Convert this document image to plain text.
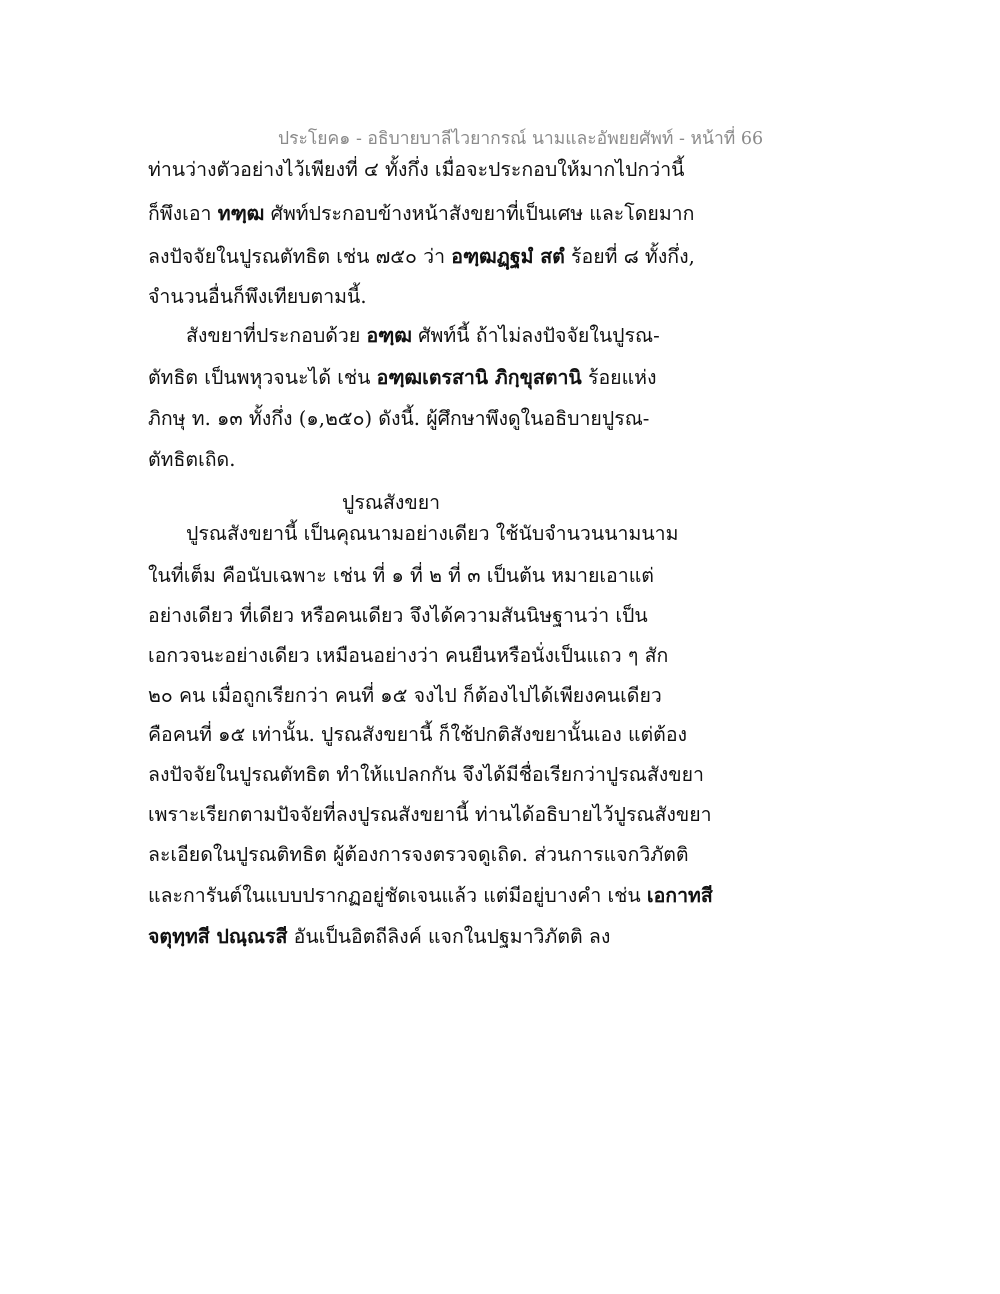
ประโยค๑ - อธิบายบาลีไวยากรณ์ นามและอัพยยศัพท์ - หน้าที่ 66
ท่านว่างตัวอย่างไว้เพียงที่ ๔ ทั้งกึ่ง เมื่อจะประกอบให้มากไปกว่านี้
ก็พึงเอา ทฑฺฒ ศัพท์ประกอบข้างหน้าสังขยาที่เป็นเศษ และโดยมาก
ลงปัจจัยในปูรณตัทธิต เช่น ๗๕๐ ว่า อฑฺฒฏฺฐมํ สตํ ร้อยที่ ๘ ทั้งกึ่ง,
จำนวนอื่นก็พึงเทียบตามนี้.
สังขยาที่ประกอบด้วย อฑฺฒ ศัพท์นี้ ถ้าไม่ลงปัจจัยในปูรณ-
ตัทธิต เป็นพหุวจนะได้ เช่น อฑฺฒเตรสานิ ภิกฺขุสตานิ ร้อยแห่ง
ภิกษุ ท. ๑๓ ทั้งกึ่ง (๑,๒๕๐) ดังนี้. ผู้ศึกษาพึงดูในอธิบายปูรณ-
ตัทธิตเถิด.
ปูรณสังขยา
ปูรณสังขยานี้ เป็นคุณนามอย่างเดียว ใช้นับจำนวนนามนาม
ในที่เต็ม คือนับเฉพาะ เช่น ที่ ๑ ที่ ๒ ที่ ๓ เป็นต้น หมายเอาแต่
อย่างเดียว ที่เดียว หรือคนเดียว จึงได้ความสันนิษฐานว่า เป็น
เอกวจนะอย่างเดียว เหมือนอย่างว่า คนยืนหรือนั่งเป็นแถว ๆ สัก
๒๐ คน เมื่อถูกเรียกว่า คนที่ ๑๕ จงไป ก็ต้องไปได้เพียงคนเดียว
คือคนที่ ๑๕ เท่านั้น. ปูรณสังขยานี้ ก็ใช้ปกติสังขยานั้นเอง แต่ต้อง
ลงปัจจัยในปูรณตัทธิต ทำให้แปลกกัน จึงได้มีชื่อเรียกว่าปูรณสังขยา
เพราะเรียกตามปัจจัยที่ลงปูรณสังขยานี้ ท่านได้อธิบายไว้ปูรณสังขยา
ละเอียดในปูรณติทธิต ผู้ต้องการจงตรวจดูเถิด. ส่วนการแจกวิภัตติ
และการันต์ในแบบปรากฏอยู่ชัดเจนแล้ว แต่มีอยู่บางคำ เช่น เอกาทสี
จตุทฺทสี ปณฺณรสี อันเป็นอิตถีลิงค์ แจกในปฐมาวิภัตติ ลง
